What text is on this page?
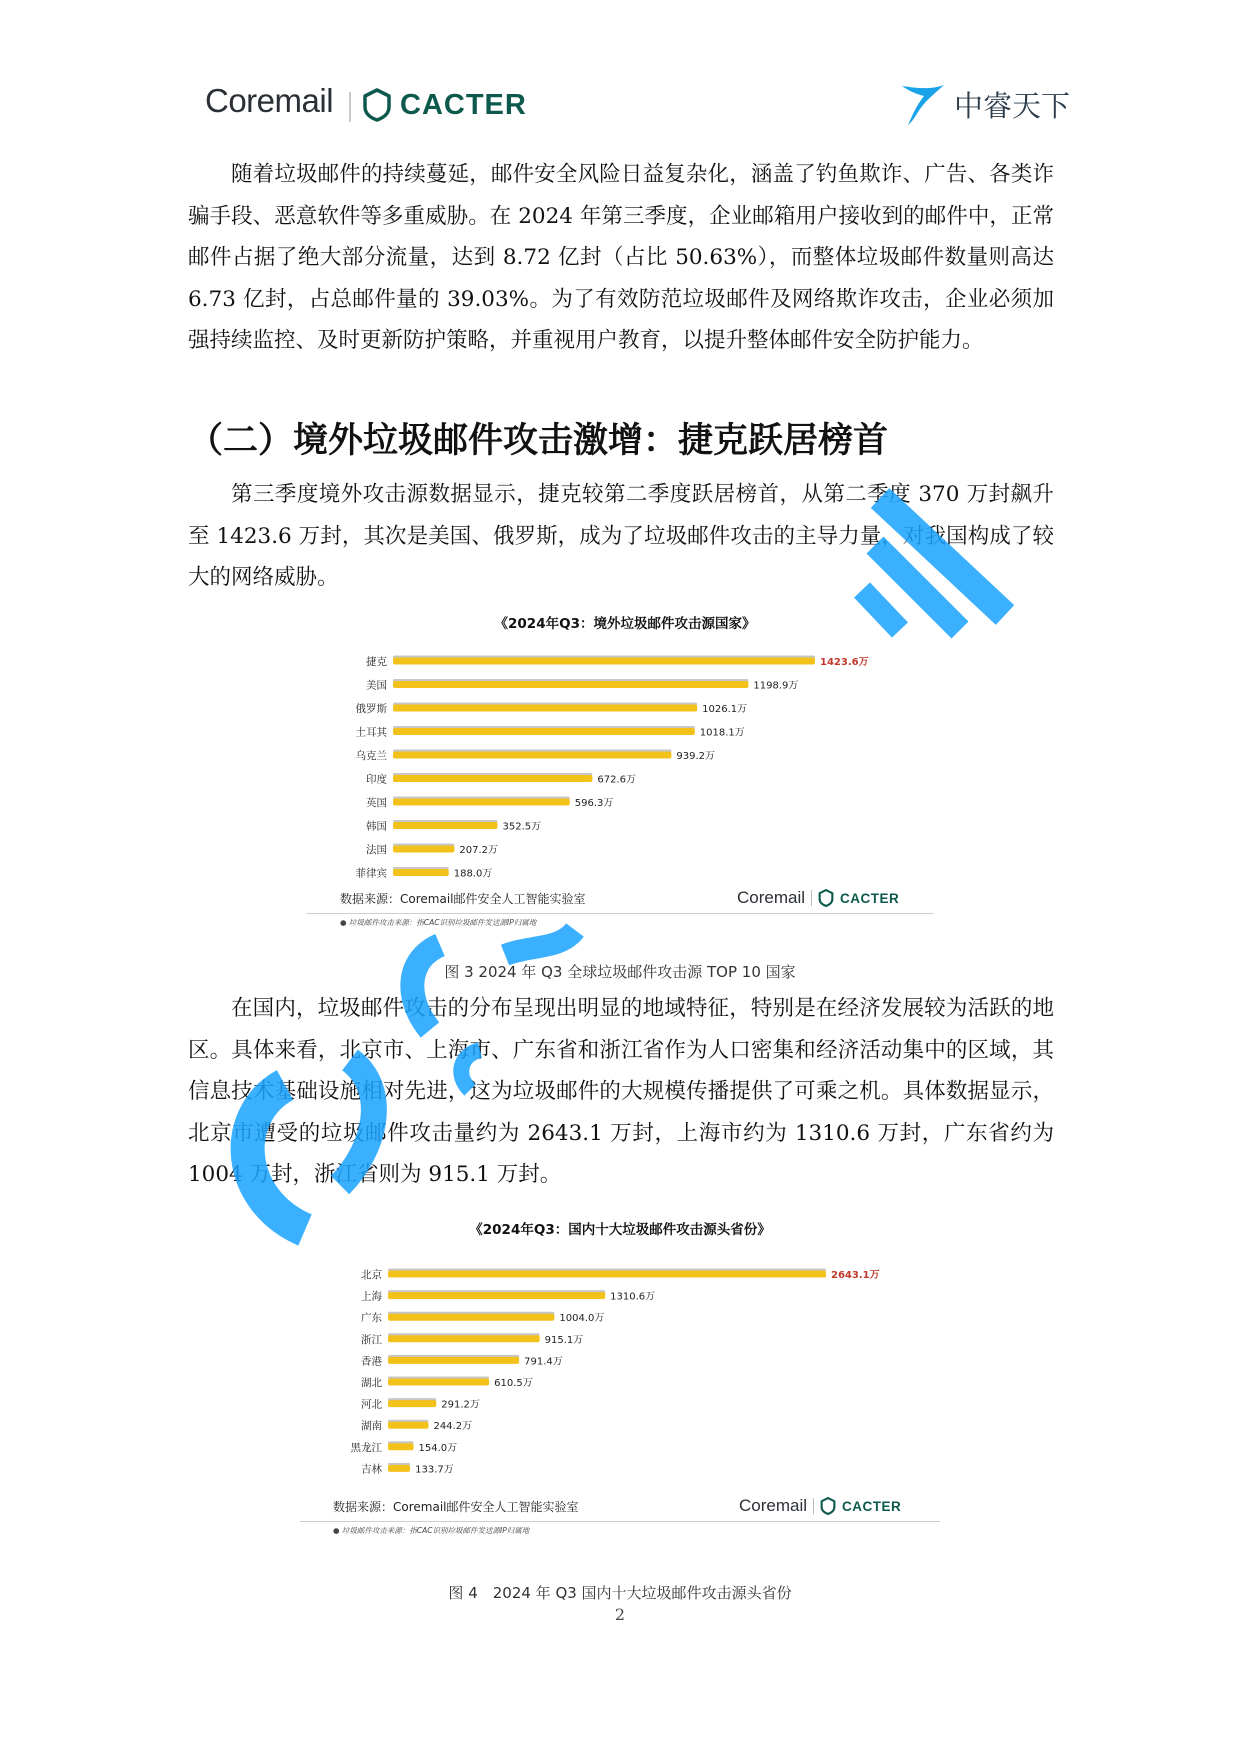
Coremail CACTER	中睿天下

随着垃圾邮件的持续蔓延，邮件安全风险日益复杂化，涵盖了钓鱼欺诈、广告、各类诈骗手段、恶意软件等多重威胁。在 2024 年第三季度，企业邮箱用户接收到的邮件中，正常邮件占据了绝大部分流量，达到 8.72 亿封（占比 50.63%），而整体垃圾邮件数量则高达 6.73 亿封，占总邮件量的 39.03%。为了有效防范垃圾邮件及网络欺诈攻击，企业必须加强持续监控、及时更新防护策略，并重视用户教育，以提升整体邮件安全防护能力。

（二）境外垃圾邮件攻击激增：捷克跃居榜首

第三季度境外攻击源数据显示，捷克较第二季度跃居榜首，从第二季度 370 万封飙升至 1423.6 万封，其次是美国、俄罗斯，成为了垃圾邮件攻击的主导力量，对我国构成了较大的网络威胁。

《2024年Q3：境外垃圾邮件攻击源国家》
捷克	1423.6万
美国	1198.9万
俄罗斯	1026.1万
土耳其	1018.1万
乌克兰	939.2万
印度	672.6万
英国	596.3万
韩国	352.5万
法国	207.2万
菲律宾	188.0万
数据来源：Coremail邮件安全人工智能实验室	Coremail	CACTER
● 垃圾邮件攻击来源：指CAC识别垃圾邮件发送源IP归属地
图 3 2024 年 Q3 全球垃圾邮件攻击源 TOP 10 国家

在国内，垃圾邮件攻击的分布呈现出明显的地域特征，特别是在经济发展较为活跃的地区。具体来看，北京市、上海市、广东省和浙江省作为人口密集和经济活动集中的区域，其信息技术基础设施相对先进，这为垃圾邮件的大规模传播提供了可乘之机。具体数据显示，北京市遭受的垃圾邮件攻击量约为 2643.1 万封，上海市约为 1310.6 万封，广东省约为 1004 万封，浙江省则为 915.1 万封。

《2024年Q3：国内十大垃圾邮件攻击源头省份》
北京	2643.1万
上海	1310.6万
广东	1004.0万
浙江	915.1万
香港	791.4万
湖北	610.5万
河北	291.2万
湖南	244.2万
黑龙江	154.0万
吉林	133.7万
数据来源：Coremail邮件安全人工智能实验室	Coremail	CACTER
● 垃圾邮件攻击来源：指CAC识别垃圾邮件发送源IP归属地
图 4　2024 年 Q3 国内十大垃圾邮件攻击源头省份
2
